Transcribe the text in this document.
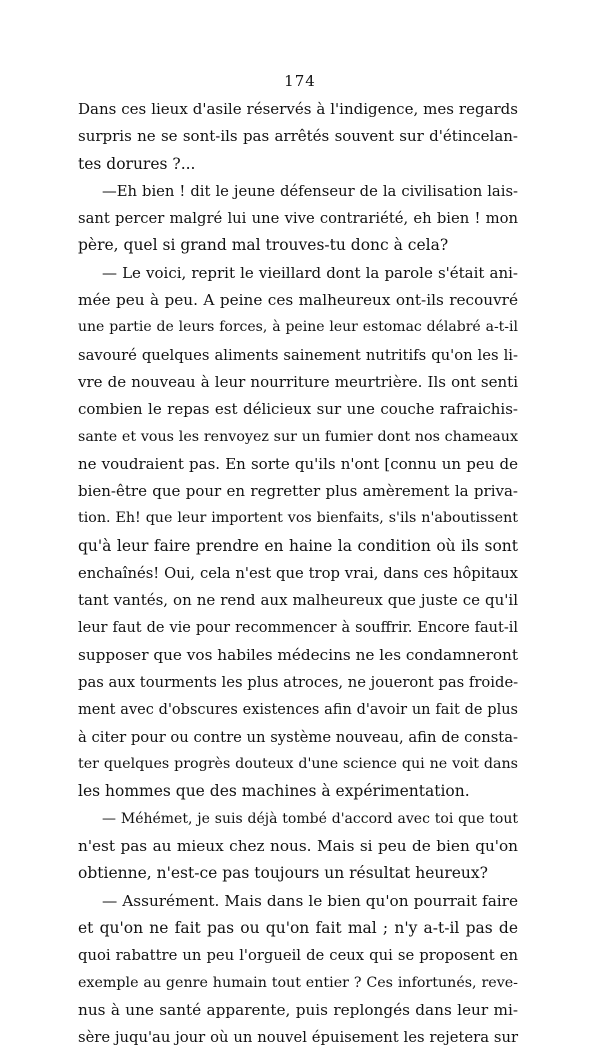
174
Dans ces lieux d'asile réservés à l'indigence, mes regards
surpris ne se sont-ils pas arrêtés souvent sur d'étincelan-
tes dorures ?...
—Eh bien ! dit le jeune défenseur de la civilisation lais-
sant percer malgré lui une vive contrariété, eh bien ! mon
père, quel si grand mal trouves-tu donc à cela?
— Le voici, reprit le vieillard dont la parole s'était ani-
mée peu à peu. A peine ces malheureux ont-ils recouvré
une partie de leurs forces, à peine leur estomac délabré a-t-il
savouré quelques aliments sainement nutritifs qu'on les li-
vre de nouveau à leur nourriture meurtrière. Ils ont senti
combien le repas est délicieux sur une couche rafraichis-
sante et vous les renvoyez sur un fumier dont nos chameaux
ne voudraient pas. En sorte qu'ils n'ont [connu un peu de
bien-être que pour en regretter plus amèrement la priva-
tion. Eh! que leur importent vos bienfaits, s'ils n'aboutissent
qu'à leur faire prendre en haine la condition où ils sont
enchaînés! Oui, cela n'est que trop vrai, dans ces hôpitaux
tant vantés, on ne rend aux malheureux que juste ce qu'il
leur faut de vie pour recommencer à souffrir. Encore faut-il
supposer que vos habiles médecins ne les condamneront
pas aux tourments les plus atroces, ne joueront pas froide-
ment avec d'obscures existences afin d'avoir un fait de plus
à citer pour ou contre un système nouveau, afin de consta-
ter quelques progrès douteux d'une science qui ne voit dans
les hommes que des machines à expérimentation.
— Méhémet, je suis déjà tombé d'accord avec toi que tout
n'est pas au mieux chez nous. Mais si peu de bien qu'on
obtienne, n'est-ce pas toujours un résultat heureux?
— Assurément. Mais dans le bien qu'on pourrait faire
et qu'on ne fait pas ou qu'on fait mal ; n'y a-t-il pas de
quoi rabattre un peu l'orgueil de ceux qui se proposent en
exemple au genre humain tout entier ? Ces infortunés, reve-
nus à une santé apparente, puis replongés dans leur mi-
sère juqu'au jour où un nouvel épuisement les rejetera sur
